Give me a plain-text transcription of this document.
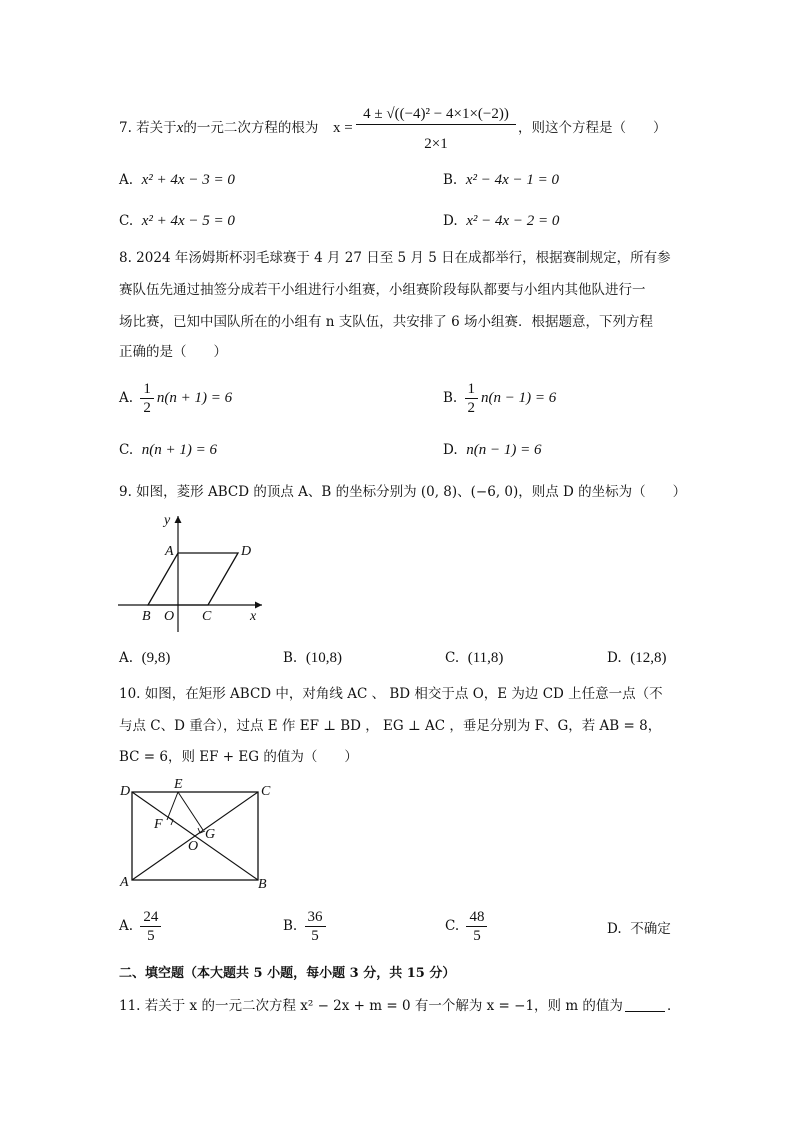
7. 若关于x的一元二次方程的根为 x =
4 ± √((−4)² − 4×1×(−2))
2×1
，则这个方程是（　　）
A. x² + 4x − 3 = 0	B. x² − 4x − 1 = 0
C. x² + 4x − 5 = 0	D. x² − 4x − 2 = 0
8. 2024 年汤姆斯杯羽毛球赛于 4 月 27 日至 5 月 5 日在成都举行，根据赛制规定，所有参
赛队伍先通过抽签分成若干小组进行小组赛，小组赛阶段每队都要与小组内其他队进行一
场比赛，已知中国队所在的小组有 n 支队伍，共安排了 6 场小组赛．根据题意，下列方程
正确的是（　　）
A. $\frac{1}{2} n(n + 1) = 6$	B. $\frac{1}{2} n(n - 1) = 6$
C. n(n + 1) = 6	D. n(n − 1) = 6
9. 如图，菱形 ABCD 的顶点 A、B 的坐标分别为 (0, 8)、(−6, 0)，则点 D 的坐标为（　　）
y
x
A	D
B O C
A. (9,8)	B. (10,8)	C. (11,8)	D. (12,8)
10. 如图，在矩形 ABCD 中，对角线 AC 、 BD 相交于点 O，E 为边 CD 上任意一点（不
与点 C、D 重合），过点 E 作 EF ⊥ BD ， EG ⊥ AC ，垂足分别为 F、G，若 AB = 8，
BC = 6，则 EF + EG 的值为（　　）
D	E	C
F
G
O
A	B
A. $\frac{24}{5}$	B. $\frac{36}{5}$	C. $\frac{48}{5}$	D. 不确定
二、填空题（本大题共 5 小题，每小题 3 分，共 15 分）
11. 若关于 x 的一元二次方程 x² − 2x + m = 0 有一个解为 x = −1，则 m 的值为	．
